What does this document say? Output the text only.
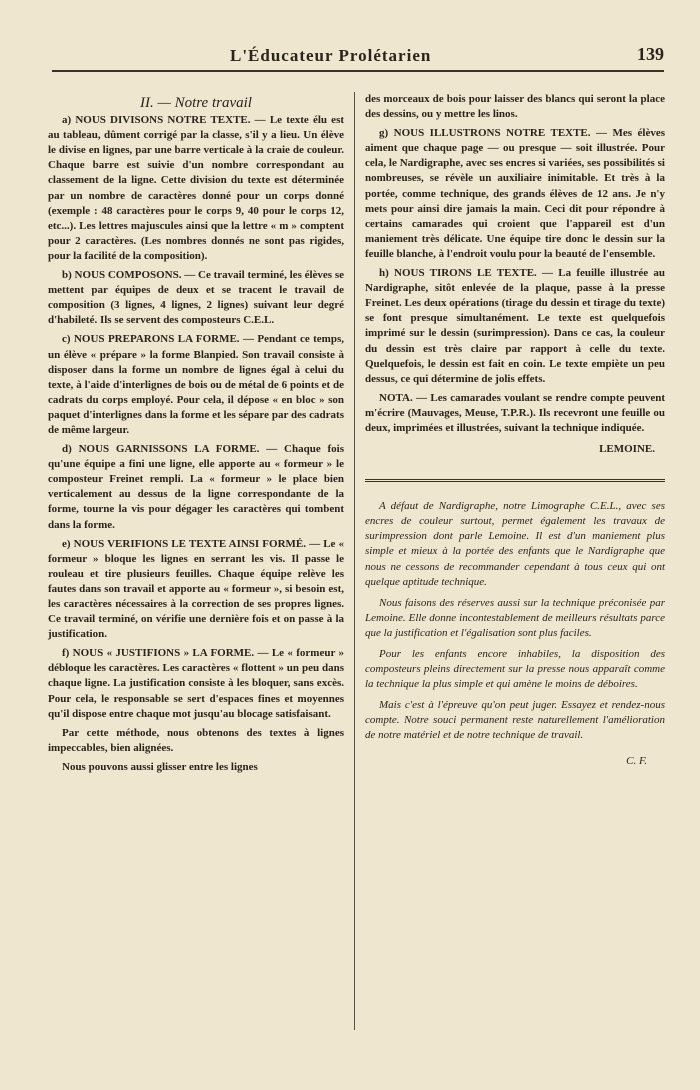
L'Éducateur Prolétarien	139
II. — Notre travail

a) NOUS DIVISONS NOTRE TEXTE. — Le texte élu est au tableau, dûment corrigé par la classe, s'il y a lieu. Un élève le divise en lignes, par une barre verticale à la craie de couleur. Chaque barre est suivie d'un nombre correspondant au classement de la ligne. Cette division du texte est déterminée par un nombre de caractères donné pour un corps donné (exemple : 48 caractères pour le corps 9, 40 pour le corps 12, etc...). Les lettres majuscules ainsi que la lettre « m » comptent pour 2 caractères. (Les nombres donnés ne sont pas rigides, pour la facilité de la composition).

b) NOUS COMPOSONS. — Ce travail terminé, les élèves se mettent par équipes de deux et se tracent le travail de composition (3 lignes, 4 lignes, 2 lignes) suivant leur degré d'habileté. Ils se servent des composteurs C.E.L.

c) NOUS PREPARONS LA FORME. — Pendant ce temps, un élève « prépare » la forme Blanpied. Son travail consiste à disposer dans la forme un nombre de lignes égal à celui du texte, à l'aide d'interlignes de bois ou de métal de 6 points et de cadrats du corps employé. Pour cela, il dépose « en bloc » son paquet d'interlignes dans la forme et les sépare par des cadrats de même largeur.

d) NOUS GARNISSONS LA FORME. — Chaque fois qu'une équipe a fini une ligne, elle apporte au « formeur » le composteur Freinet rempli. La « formeur » le place bien verticalement au dessus de la ligne correspondante de la forme, tourne la vis pour dégager les caractères qui tombent dans la forme.

e) NOUS VERIFIONS LE TEXTE AINSI FORMÉ. — Le « formeur » bloque les lignes en serrant les vis. Il passe le rouleau et tire plusieurs feuilles. Chaque équipe relève les fautes dans son travail et apporte au « formeur », si besoin est, les caractères nécessaires à la correction de ses propres lignes. Ce travail terminé, on vérifie une dernière fois et on passe à la justification.

f) NOUS « JUSTIFIONS » LA FORME. — Le « formeur » débloque les caractères. Les caractères « flottent » un peu dans chaque ligne. La justification consiste à les bloquer, sans excès. Pour cela, le responsable se sert d'espaces fines et moyennes qu'il dispose entre chaque mot jusqu'au blocage satisfaisant.

Par cette méthode, nous obtenons des textes à lignes impeccables, bien alignées.

Nous pouvons aussi glisser entre les lignes

des morceaux de bois pour laisser des blancs qui seront la place des dessins, ou y mettre les linos.

g) NOUS ILLUSTRONS NOTRE TEXTE. — Mes élèves aiment que chaque page — ou presque — soit illustrée. Pour cela, le Nardigraphe, avec ses encres si variées, ses possibilités si nombreuses, se révèle un auxiliaire inimitable. Et très à la portée, comme technique, des grands élèves de 12 ans. Je n'y mets pour ainsi dire jamais la main. Ceci dit pour répondre à certains camarades qui croient que l'appareil est d'un maniement très délicate. Une équipe tire donc le dessin sur la feuille blanche, à l'endroit voulu pour la beauté de l'ensemble.

h) NOUS TIRONS LE TEXTE. — La feuille illustrée au Nardigraphe, sitôt enlevée de la plaque, passe à la presse Freinet. Les deux opérations (tirage du dessin et tirage du texte) se font presque simultanément. Le texte est quelquefois imprimé sur le dessin (surimpression). Dans ce cas, la couleur du dessin est très claire par rapport à celle du texte. Quelquefois, le dessin est fait en coin. Le texte empiète un peu dessus, ce qui détermine de jolis effets.

NOTA. — Les camarades voulant se rendre compte peuvent m'écrire (Mauvages, Meuse, T.P.R.). Ils recevront une feuille ou deux, imprimées et illustrées, suivant la technique indiquée.

LEMOINE.

A défaut de Nardigraphe, notre Limographe C.E.L., avec ses encres de couleur surtout, permet également les travaux de surimpression dont parle Lemoine. Il est d'un maniement plus simple et mieux à la portée des enfants que le Nardigraphe que nous ne cessons de recommander cependant à tous ceux qui ont quelque aptitude technique.

Nous faisons des réserves aussi sur la technique préconisée par Lemoine. Elle donne incontestablement de meilleurs résultats parce que la justification et l'égalisation sont plus faciles.

Pour les enfants encore inhabiles, la disposition des composteurs pleins directement sur la presse nous apparaît comme la technique la plus simple et qui amène le moins de déboires.

Mais c'est à l'épreuve qu'on peut juger. Essayez et rendez-nous compte. Notre souci permanent reste naturellement l'amélioration de notre matériel et de notre technique de travail.

C. F.
